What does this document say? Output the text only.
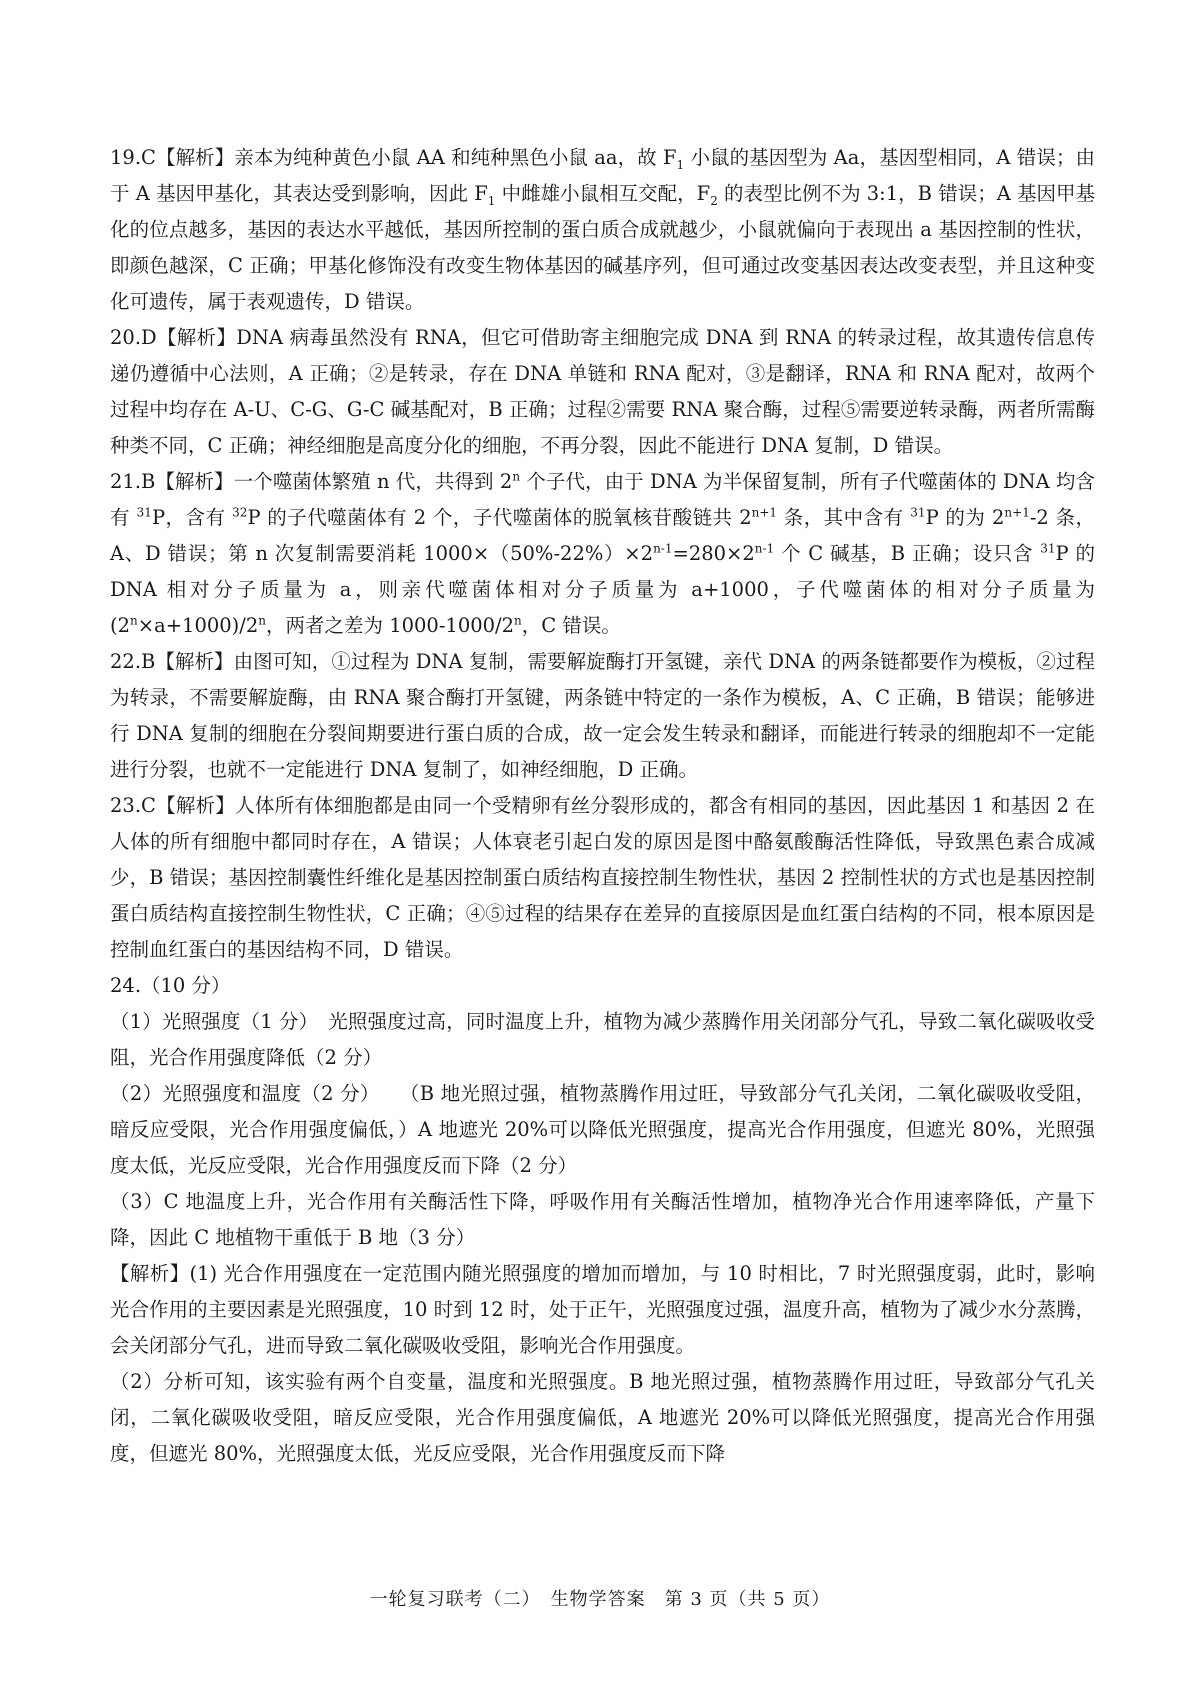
19.C【解析】亲本为纯种黄色小鼠 AA 和纯种黑色小鼠 aa，故 $F_1$ 小鼠的基因型为 Aa，基因型相同，A 错误；由于 A 基因甲基化，其表达受到影响，因此 $F_1$ 中雌雄小鼠相互交配，$F_2$ 的表型比例不为 3:1，B 错误；A 基因甲基化的位点越多，基因的表达水平越低，基因所控制的蛋白质合成就越少，小鼠就偏向于表现出 a 基因控制的性状，即颜色越深，C 正确；甲基化修饰没有改变生物体基因的碱基序列，但可通过改变基因表达改变表型，并且这种变化可遗传，属于表观遗传，D 错误。

20.D【解析】DNA 病毒虽然没有 RNA，但它可借助寄主细胞完成 DNA 到 RNA 的转录过程，故其遗传信息传递仍遵循中心法则，A 正确；②是转录，存在 DNA 单链和 RNA 配对，③是翻译，RNA 和 RNA 配对，故两个过程中均存在 A-U、C-G、G-C 碱基配对，B 正确；过程②需要 RNA 聚合酶，过程⑤需要逆转录酶，两者所需酶种类不同，C 正确；神经细胞是高度分化的细胞，不再分裂，因此不能进行 DNA 复制，D 错误。

21.B【解析】一个噬菌体繁殖 n 代，共得到 2$^n$ 个子代，由于 DNA 为半保留复制，所有子代噬菌体的 DNA 均含有 $^{31}$P，含有 $^{32}$P 的子代噬菌体有 2 个，子代噬菌体的脱氧核苷酸链共 $2^{n+1}$ 条，其中含有 $^{31}$P 的为 $2^{n+1}-2$ 条，A、D 错误；第 n 次复制需要消耗 $1000\times(50\%-22\%)\times 2^{n-1}=280\times 2^{n-1}$ 个 C 碱基，B 正确；设只含 $^{31}$P 的 DNA 相对分子质量为 a，则亲代噬菌体相对分子质量为 a+1000，子代噬菌体的相对分子质量为$(2^n\times a+1000)/2^n$，两者之差为 1000-1000/2$^n$，C 错误。

22.B【解析】由图可知，①过程为 DNA 复制，需要解旋酶打开氢键，亲代 DNA 的两条链都要作为模板，②过程为转录，不需要解旋酶，由 RNA 聚合酶打开氢键，两条链中特定的一条作为模板，A、C 正确，B 错误；能够进行 DNA 复制的细胞在分裂间期要进行蛋白质的合成，故一定会发生转录和翻译，而能进行转录的细胞却不一定能进行分裂，也就不一定能进行 DNA 复制了，如神经细胞，D 正确。

23.C【解析】人体所有体细胞都是由同一个受精卵有丝分裂形成的，都含有相同的基因，因此基因 1 和基因 2 在人体的所有细胞中都同时存在，A 错误；人体衰老引起白发的原因是图中酪氨酸酶活性降低，导致黑色素合成减少，B 错误；基因控制囊性纤维化是基因控制蛋白质结构直接控制生物性状，基因 2 控制性状的方式也是基因控制蛋白质结构直接控制生物性状，C 正确；④⑤过程的结果存在差异的直接原因是血红蛋白结构的不同，根本原因是控制血红蛋白的基因结构不同，D 错误。

24.（10 分）

（1）光照强度（1 分）　光照强度过高，同时温度上升，植物为减少蒸腾作用关闭部分气孔，导致二氧化碳吸收受阻，光合作用强度降低（2 分）

（2）光照强度和温度（2 分）　　（B 地光照过强，植物蒸腾作用过旺，导致部分气孔关闭，二氧化碳吸收受阻，暗反应受限，光合作用强度偏低，）A 地遮光 20%可以降低光照强度，提高光合作用强度，但遮光 80%，光照强度太低，光反应受限，光合作用强度反而下降（2 分）

（3）C 地温度上升，光合作用有关酶活性下降，呼吸作用有关酶活性增加，植物净光合作用速率降低，产量下降，因此 C 地植物干重低于 B 地（3 分）

【解析】(1) 光合作用强度在一定范围内随光照强度的增加而增加，与 10 时相比，7 时光照强度弱，此时，影响光合作用的主要因素是光照强度，10 时到 12 时，处于正午，光照强度过强，温度升高，植物为了减少水分蒸腾，会关闭部分气孔，进而导致二氧化碳吸收受阻，影响光合作用强度。

（2）分析可知，该实验有两个自变量，温度和光照强度。B 地光照过强，植物蒸腾作用过旺，导致部分气孔关闭，二氧化碳吸收受阻，暗反应受限，光合作用强度偏低，A 地遮光 20%可以降低光照强度，提高光合作用强度，但遮光 80%，光照强度太低，光反应受限，光合作用强度反而下降

一轮复习联考（二）　生物学答案　第 3 页（共 5 页）
